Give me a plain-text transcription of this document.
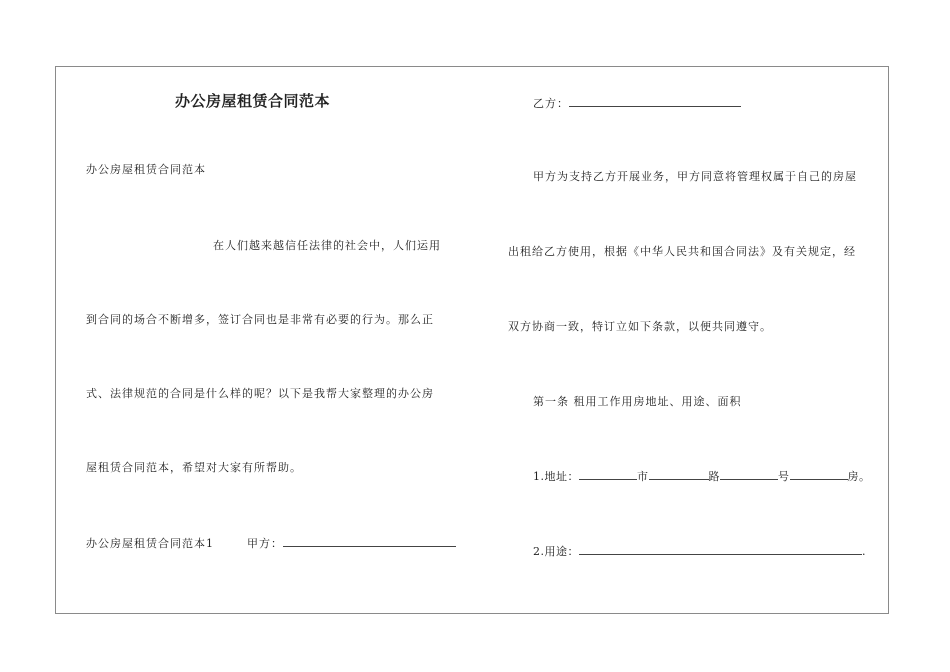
办公房屋租赁合同范本
办公房屋租赁合同范本
在人们越来越信任法律的社会中，人们运用
到合同的场合不断增多，签订合同也是非常有必要的行为。那么正
式、法律规范的合同是什么样的呢？以下是我帮大家整理的办公房
屋租赁合同范本，希望对大家有所帮助。
办公房屋租赁合同范本1	甲方：
乙方：
甲方为支持乙方开展业务，甲方同意将管理权属于自己的房屋
出租给乙方使用，根据《中华人民共和国合同法》及有关规定，经
双方协商一致，特订立如下条款，以便共同遵守。
第一条 租用工作用房地址、用途、面积
1.地址：	市	路	号	房。
2.用途：	.
